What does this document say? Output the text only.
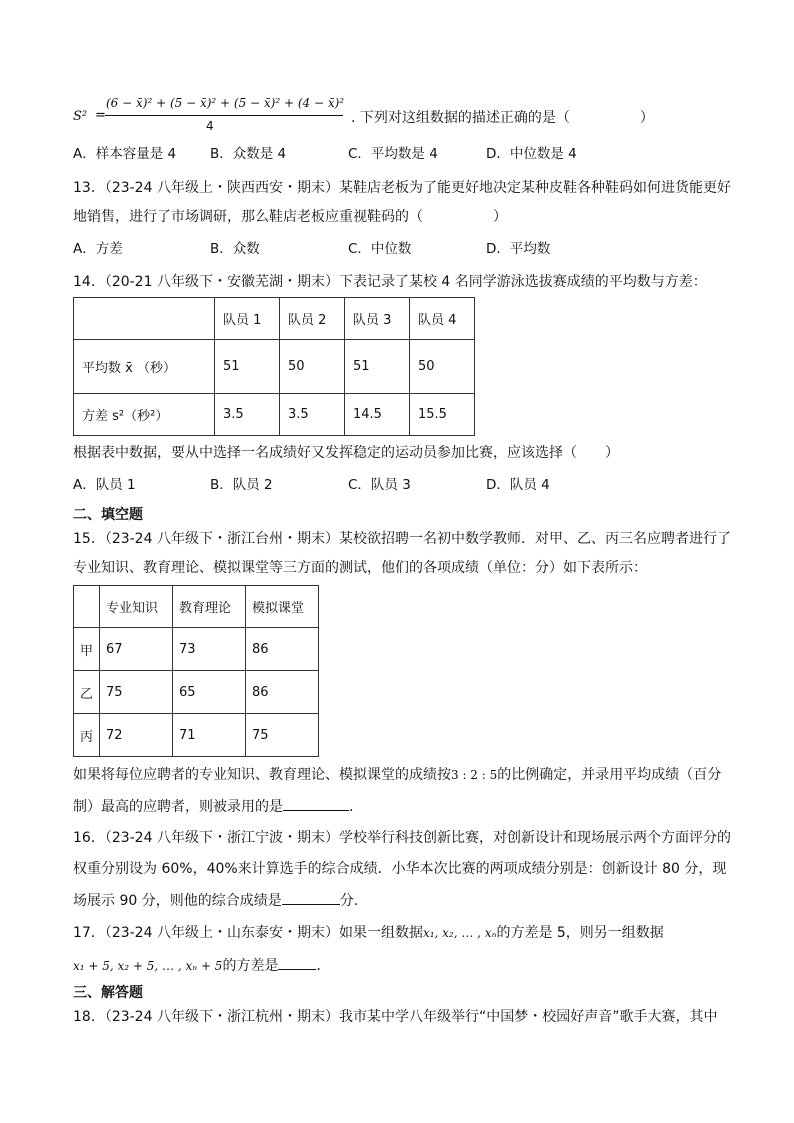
S² =
(6 − x̄)² + (5 − x̄)² + (5 − x̄)² + (4 − x̄)²
4	. 下列对这组数据的描述正确的是（　　　　　）
A．样本容量是 4	B．众数是 4	C．平均数是 4	D．中位数是 4
13．（23-24 八年级上・陕西西安・期末）某鞋店老板为了能更好地决定某种皮鞋各种鞋码如何进货能更好
地销售，进行了市场调研，那么鞋店老板应重视鞋码的（　　　　　）
A．方差	B．众数	C．中位数	D．平均数
14．（20-21 八年级下・安徽芜湖・期末）下表记录了某校 4 名同学游泳选拔赛成绩的平均数与方差：
	队员 1	队员 2	队员 3	队员 4
平均数 x̄ （秒）	51	50	51	50
方差 s²（秒²）	3.5	3.5	14.5	15.5
根据表中数据，要从中选择一名成绩好又发挥稳定的运动员参加比赛，应该选择（　　）
A．队员 1	B．队员 2	C．队员 3	D．队员 4
二、填空题
15．（23-24 八年级下・浙江台州・期末）某校欲招聘一名初中数学教师．对甲、乙、丙三名应聘者进行了
专业知识、教育理论、模拟课堂等三方面的测试，他们的各项成绩（单位：分）如下表所示：
	专业知识	教育理论	模拟课堂
甲	67	73	86
乙	75	65	86
丙	72	71	75
如果将每位应聘者的专业知识、教育理论、模拟课堂的成绩按3 : 2 : 5的比例确定，并录用平均成绩（百分
制）最高的应聘者，则被录用的是	．
16．（23-24 八年级下・浙江宁波・期末）学校举行科技创新比赛，对创新设计和现场展示两个方面评分的
权重分别设为 60%，40%来计算选手的综合成绩．小华本次比赛的两项成绩分别是：创新设计 80 分，现
场展示 90 分，则他的综合成绩是	分.
17．（23-24 八年级上・山东泰安・期末）如果一组数据x₁, x₂, … , xₙ的方差是 5，则另一组数据
x₁ + 5, x₂ + 5, … , xₙ + 5的方差是	．
三、解答题
18．（23-24 八年级下・浙江杭州・期末）我市某中学八年级举行“中国梦・校园好声音”歌手大赛，其中
